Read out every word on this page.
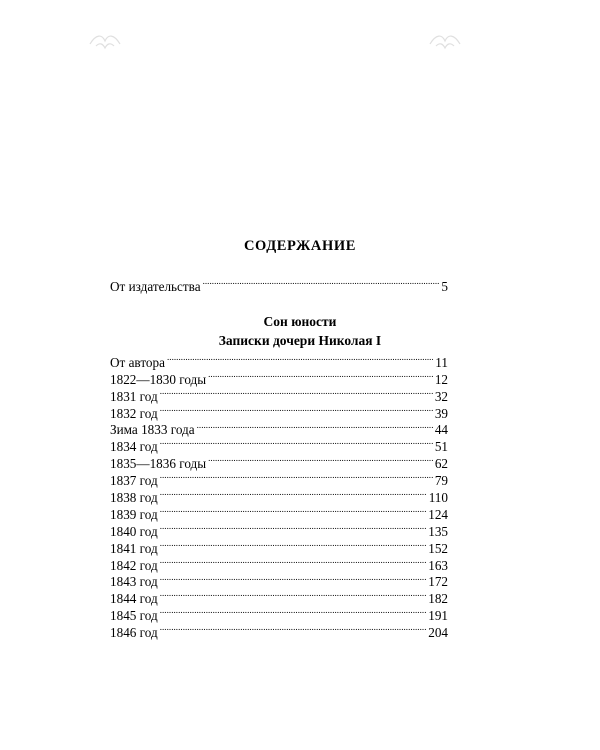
СОДЕРЖАНИЕ
От издательства . . .	5
Сон юности
Записки дочери Николая I
От автора . . .	11
1822—1830 годы . . .	12
1831 год . . .	32
1832 год . . .	39
Зима 1833 года . . .	44
1834 год . . .	51
1835—1836 годы . . .	62
1837 год . . .	79
1838 год . . .	110
1839 год . . .	124
1840 год . . .	135
1841 год . . .	152
1842 год . . .	163
1843 год . . .	172
1844 год . . .	182
1845 год . . .	191
1846 год . . .	204
